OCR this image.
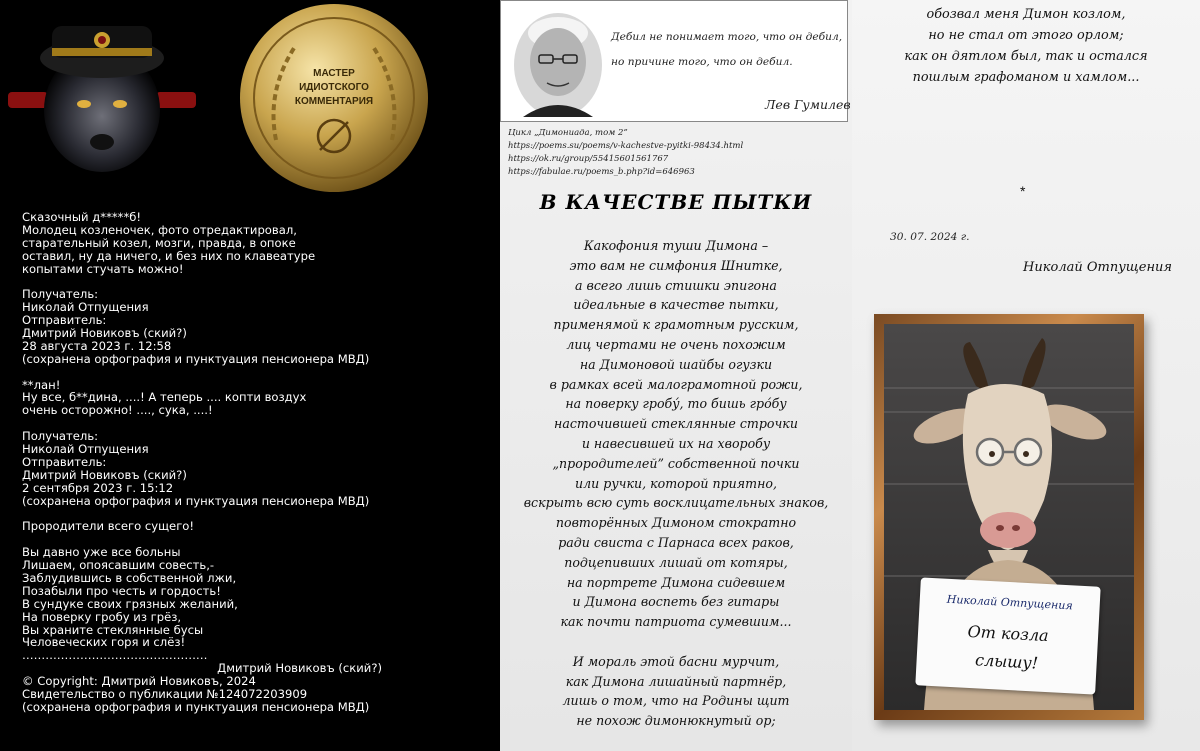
МАСТЕР
ИДИОТСКОГО
КОММЕНТАРИЯ
Сказочный д*****б!
Молодец козленочек, фото отредактировал,
старательный козел, мозги, правда, в опоке
оставил, ну да ничего, и без них по клавеатуре
копытами стучать можно!
Получатель:
Николай Отпущения
Отправитель:
Дмитрий Новиковъ (ский?)
28 августа 2023 г. 12:58
(сохранена орфография и пунктуация пенсионера МВД)
**лан!
Ну все, б**дина, ....! А теперь .... копти воздух
очень осторожно! ...., сука, ....!
Получатель:
Николай Отпущения
Отправитель:
Дмитрий Новиковъ (ский?)
2 сентября 2023 г. 15:12
(сохранена орфография и пунктуация пенсионера МВД)
Прородители всего сущего!
Вы давно уже все больны
Лишаем, опоясавшим совесть,-
Заблудившись в собственной лжи,
Позабыли про честь и гордость!
В сундуке своих грязных желаний,
На поверку гробу из грёз,
Вы храните стеклянные бусы
Человеческих горя и слёз!
…………………………………………
Дмитрий Новиковъ (ский?)
© Copyright: Дмитрий Новиковъ, 2024
Свидетельство о публикации №124072203909
(сохранена орфография и пунктуация пенсионера МВД)
Дебил не понимает того, что он дебил,
но причине того, что он дебил.
Лев Гумилев
Цикл „Димониада, том 2”
https://poems.su/poems/v-kachestve-pyitki-98434.html
https://ok.ru/group/55415601561767
https://fabulae.ru/poems_b.php?id=646963
В КАЧЕСТВЕ ПЫТКИ
Какофония туши Димона –
это вам не симфония Шнитке,
а всего лишь стишки эпигона
идеальные в качестве пытки,
применямой к грамотным русским,
лиц чертами не очень похожим
на Димоновой шайбы огузки
в рамках всей малограмотной рожи,
на поверку гробу́, то бишь гро́бу
насточившей стеклянные строчки
и навесившей их на хворобу
„прородителей” собственной почки
или ручки, которой приятно,
вскрыть всю суть восклицательных знаков,
повторённых Димоном стократно
ради свиста с Парнаса всех раков,
подцепивших лишай от котяры,
на портрете Димона сидевшем
и Димона воспеть без гитары
как почти патриота сумевшим...
И мораль этой басни мурчит,
как Димона лишайный партнёр,
лишь о том, что на Родины щит
не похож димонюкнутый ор;
обозвал меня Димон козлом,
но не стал от этого орлом;
как он дятлом был, так и остался
пошлым графоманом и хамлом...
*
30. 07. 2024 г.
Николай Отпущения
Николай Отпущения
От козла
слышу!
